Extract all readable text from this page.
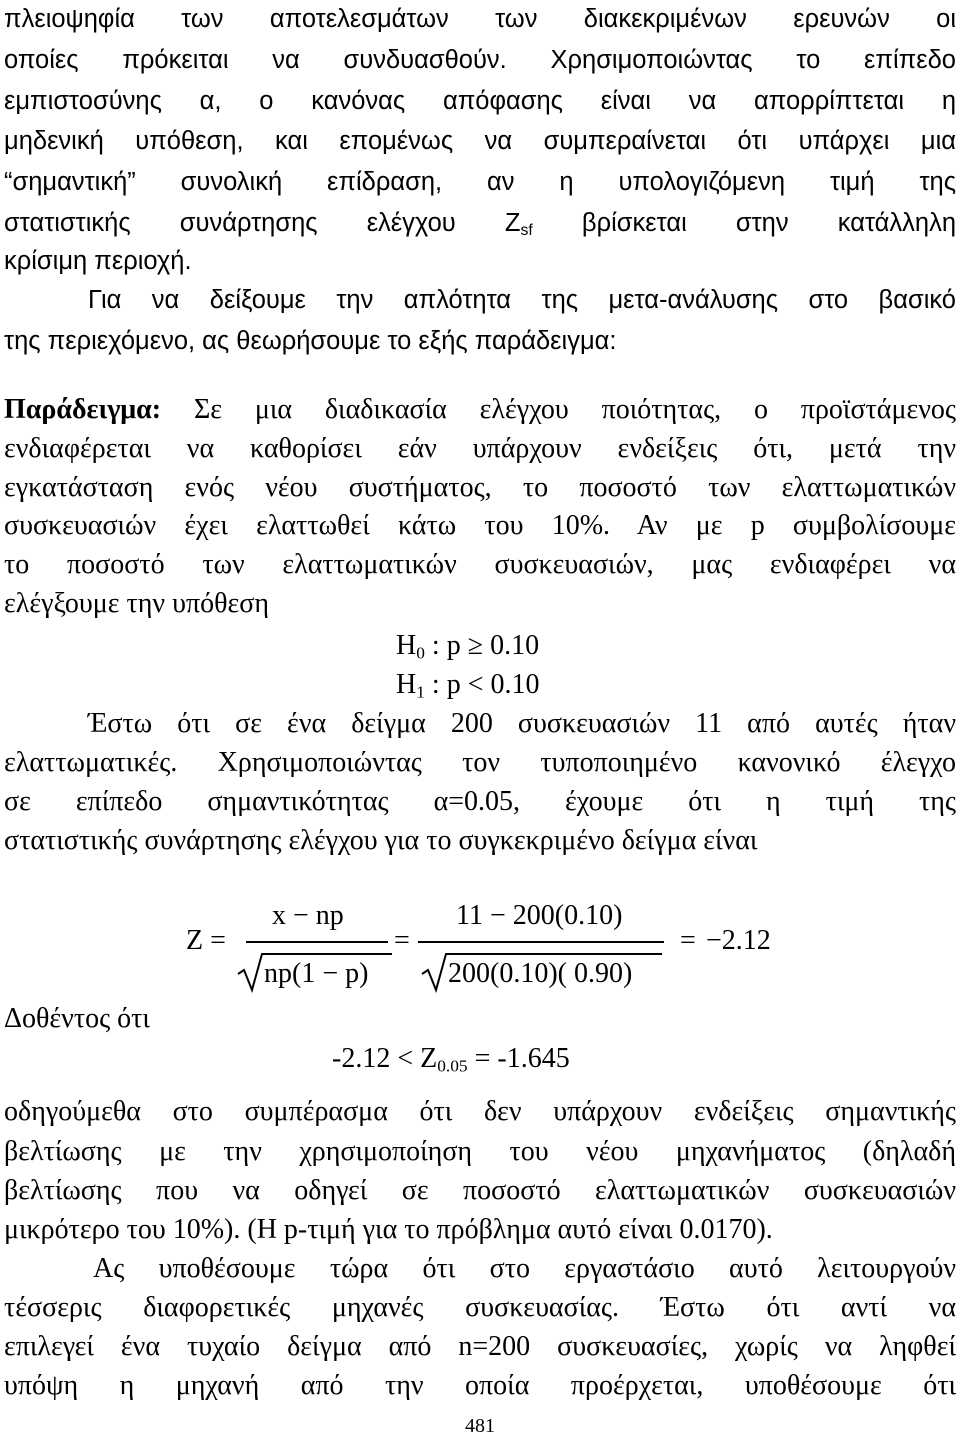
πλειοψηφία των αποτελεσμάτων των διακεκριμένων ερευνών οι
οποίες πρόκειται να συνδυασθούν. Χρησιμοποιώντας το επίπεδο
εμπιστοσύνης α, ο κανόνας απόφασης είναι να απορρίπτεται η
μηδενική υπόθεση, και επομένως να συμπεραίνεται ότι υπάρχει μια
“σημαντική” συνολική επίδραση, αν η υπολογιζόμενη τιμή της
στατιστικής συνάρτησης ελέγχου $Z_{sf}$ βρίσκεται στην κατάλληλη
κρίσιμη περιοχή.
Για να δείξουμε την απλότητα της μετα-ανάλυσης στο βασικό
της περιεχόμενο, ας θεωρήσουμε το εξής παράδειγμα:
Παράδειγμα: Σε μια διαδικασία ελέγχου ποιότητας, ο προϊστάμενος
ενδιαφέρεται να καθορίσει εάν υπάρχουν ενδείξεις ότι, μετά την
εγκατάσταση ενός νέου συστήματος, το ποσοστό των ελαττωματικών
συσκευασιών έχει ελαττωθεί κάτω του 10%. Αν με p συμβολίσουμε
το ποσοστό των ελαττωματικών συσκευασιών, μας ενδιαφέρει να
ελέγξουμε την υπόθεση
$H_0$ : p ≥ 0.10
$H_1$ : p < 0.10
Έστω ότι σε ένα δείγμα 200 συσκευασιών 11 από αυτές ήταν
ελαττωματικές. Χρησιμοποιώντας τον τυποποιημένο κανονικό έλεγχο
σε επίπεδο σημαντικότητας α=0.05, έχουμε ότι η τιμή της
στατιστικής συνάρτησης ελέγχου για το συγκεκριμένο δείγμα είναι
Z =
x − np
np(1 − p)
=
11 − 200(0.10)
200(0.10)( 0.90)
= −2.12
Δοθέντος ότι
$-2.12 < Z_{0.05} = -1.645$
οδηγούμεθα στο συμπέρασμα ότι δεν υπάρχουν ενδείξεις σημαντικής
βελτίωσης με την χρησιμοποίηση του νέου μηχανήματος (δηλαδή
βελτίωσης που να οδηγεί σε ποσοστό ελαττωματικών συσκευασιών
μικρότερο του 10%). (Η p-τιμή για το πρόβλημα αυτό είναι 0.0170).
Ας υποθέσουμε τώρα ότι στο εργαστάσιο αυτό λειτουργούν
τέσσερις διαφορετικές μηχανές συσκευασίας. Έστω ότι αντί να
επιλεγεί ένα τυχαίο δείγμα από n=200 συσκευασίες, χωρίς να ληφθεί
υπόψη η μηχανή από την οποία προέρχεται, υποθέσουμε ότι
481
